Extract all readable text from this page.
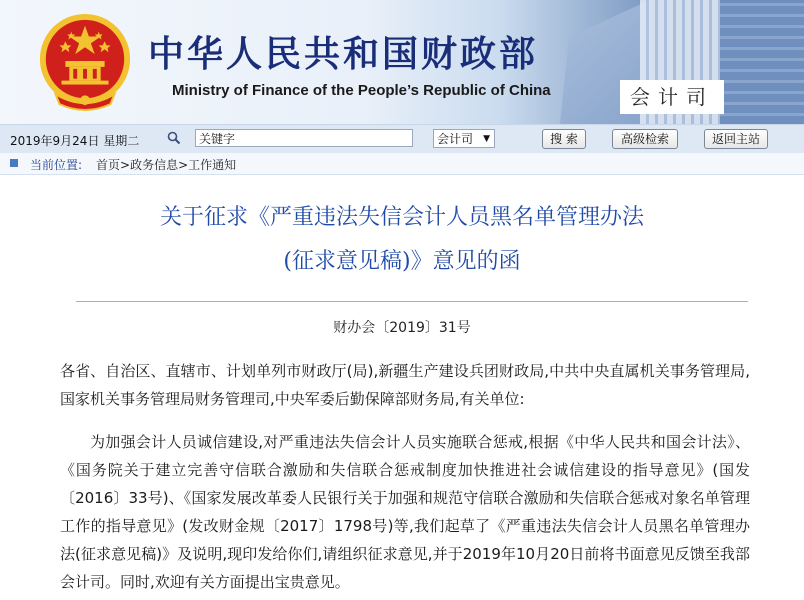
中华人民共和国财政部
Ministry of Finance of the People’s Republic of China	会计司
2019年9月24日 星期二
关键字	会计司 ▼	搜 索	高级检索	返回主站
当前位置: 首页>政务信息>工作通知
关于征求《严重违法失信会计人员黑名单管理办法
(征求意见稿)》意见的函
财办会〔2019〕31号
各省、自治区、直辖市、计划单列市财政厅(局),新疆生产建设兵团财政局,中共中央直属机关事务管理局,国家机关事务管理局财务管理司,中央军委后勤保障部财务局,有关单位:
为加强会计人员诚信建设,对严重违法失信会计人员实施联合惩戒,根据《中华人民共和国会计法》、《国务院关于建立完善守信联合激励和失信联合惩戒制度加快推进社会诚信建设的指导意见》(国发〔2016〕33号)、《国家发展改革委人民银行关于加强和规范守信联合激励和失信联合惩戒对象名单管理工作的指导意见》(发改财金规〔2017〕1798号)等,我们起草了《严重违法失信会计人员黑名单管理办法(征求意见稿)》及说明,现印发给你们,请组织征求意见,并于2019年10月20日前将书面意见反馈至我部会计司。同时,欢迎有关方面提出宝贵意见。
